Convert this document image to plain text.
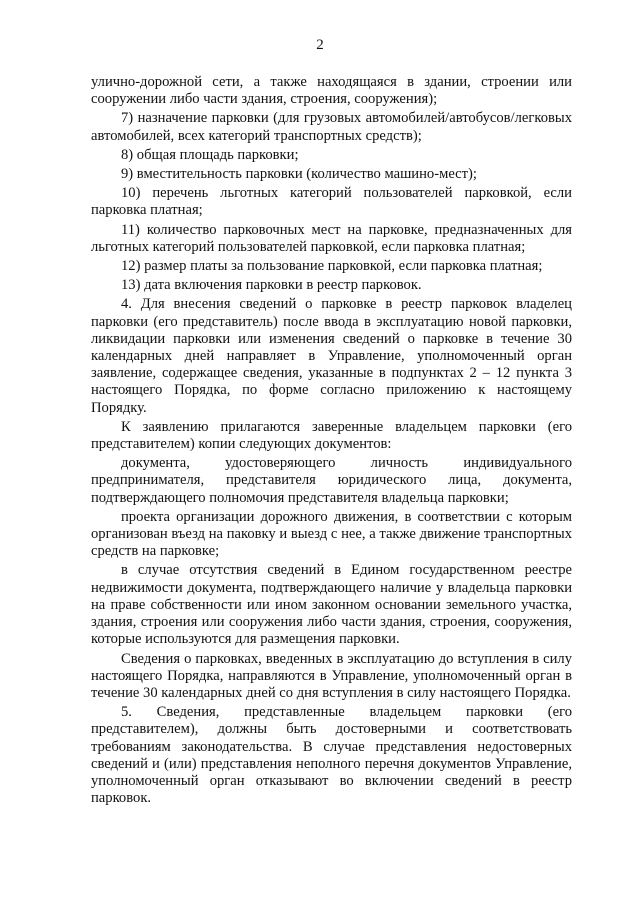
2

улично-дорожной сети, а также находящаяся в здании, строении или сооружении либо части здания, строения, сооружения);

7) назначение парковки (для грузовых автомобилей/автобусов/легковых автомобилей, всех категорий транспортных средств);

8) общая площадь парковки;

9) вместительность парковки (количество машино-мест);

10) перечень льготных категорий пользователей парковкой, если парковка платная;

11) количество парковочных мест на парковке, предназначенных для льготных категорий пользователей парковкой, если парковка платная;

12) размер платы за пользование парковкой, если парковка платная;

13) дата включения парковки в реестр парковок.

4. Для внесения сведений о парковке в реестр парковок владелец парковки (его представитель) после ввода в эксплуатацию новой парковки, ликвидации парковки или изменения сведений о парковке в течение 30 календарных дней направляет в Управление, уполномоченный орган заявление, содержащее сведения, указанные в подпунктах 2 – 12 пункта 3 настоящего Порядка, по форме согласно приложению к настоящему Порядку.

К заявлению прилагаются заверенные владельцем парковки (его представителем) копии следующих документов:

документа, удостоверяющего личность индивидуального предпринимателя, представителя юридического лица, документа, подтверждающего полномочия представителя владельца парковки;

проекта организации дорожного движения, в соответствии с которым организован въезд на паковку и выезд с нее, а также движение транспортных средств на парковке;

в случае отсутствия сведений в Едином государственном реестре недвижимости документа, подтверждающего наличие у владельца парковки на праве собственности или ином законном основании земельного участка, здания, строения или сооружения либо части здания, строения, сооружения, которые используются для размещения парковки.

Сведения о парковках, введенных в эксплуатацию до вступления в силу настоящего Порядка, направляются в Управление, уполномоченный орган в течение 30 календарных дней со дня вступления в силу настоящего Порядка.

5. Сведения, представленные владельцем парковки (его представителем), должны быть достоверными и соответствовать требованиям законодательства. В случае представления недостоверных сведений и (или) представления неполного перечня документов Управление, уполномоченный орган отказывают во включении сведений в реестр парковок.
